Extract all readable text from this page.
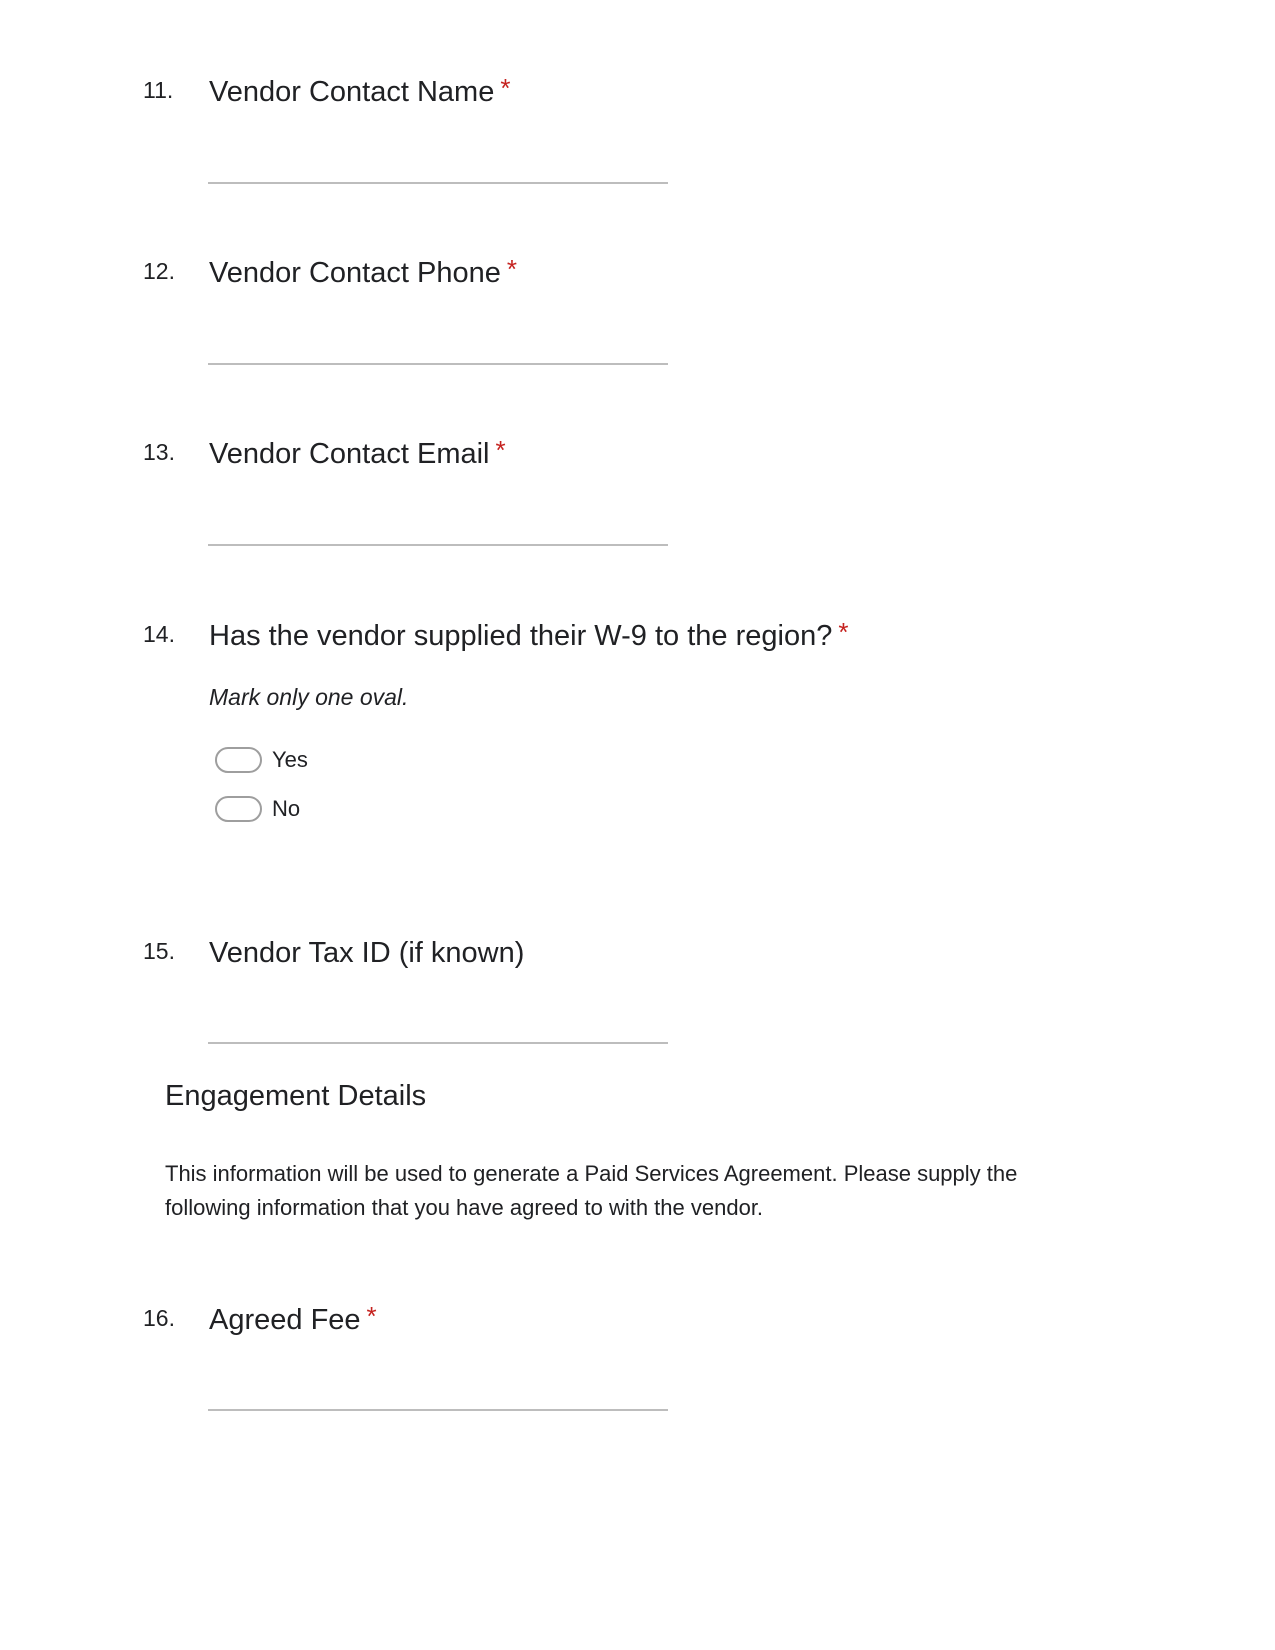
11. Vendor Contact Name *
12. Vendor Contact Phone *
13. Vendor Contact Email *
14. Has the vendor supplied their W-9 to the region? *
Mark only one oval.
Yes
No
15. Vendor Tax ID (if known)
Engagement Details
This information will be used to generate a Paid Services Agreement. Please supply the following information that you have agreed to with the vendor.
16. Agreed Fee *
